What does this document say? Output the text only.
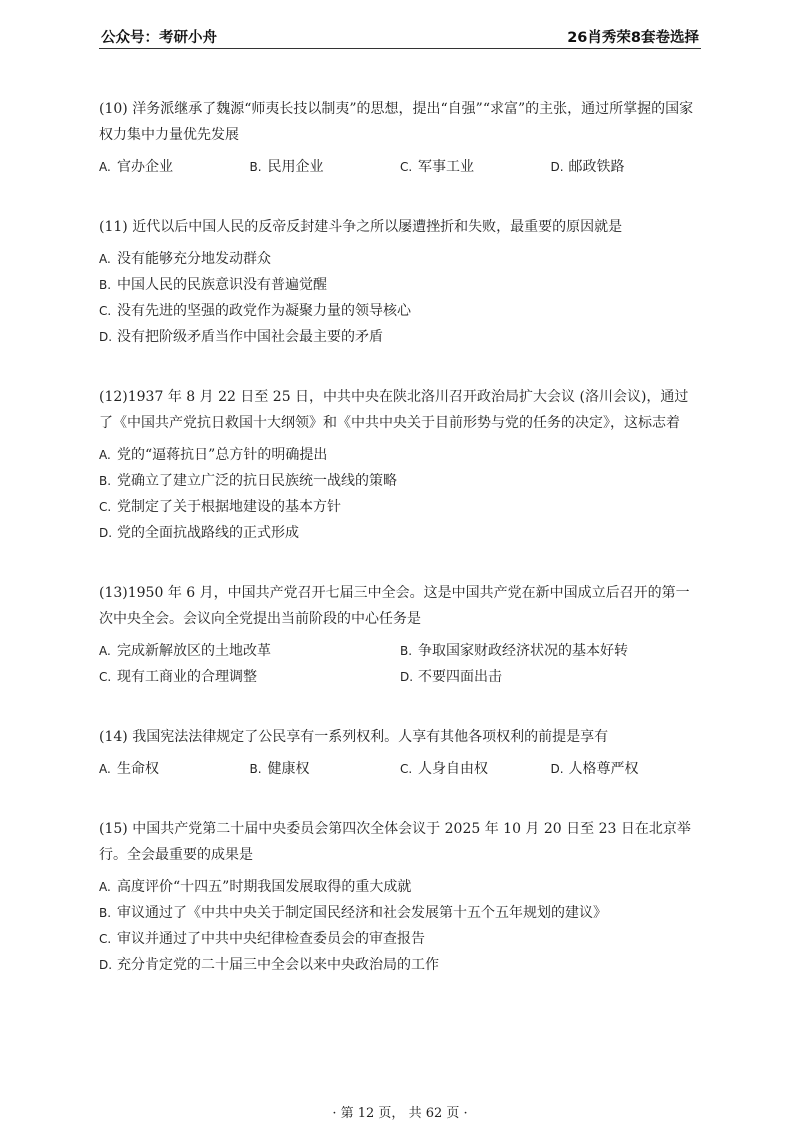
公众号：考研小舟	26肖秀荣8套卷选择

(10) 洋务派继承了魏源“师夷长技以制夷”的思想，提出“自强”“求富”的主张，通过所掌握的国家权力集中力量优先发展

A. 官办企业	B. 民用企业	C. 军事工业	D. 邮政铁路

(11) 近代以后中国人民的反帝反封建斗争之所以屡遭挫折和失败，最重要的原因就是

A. 没有能够充分地发动群众
B. 中国人民的民族意识没有普遍觉醒
C. 没有先进的坚强的政党作为凝聚力量的领导核心
D. 没有把阶级矛盾当作中国社会最主要的矛盾

(12)1937 年 8 月 22 日至 25 日，中共中央在陕北洛川召开政治局扩大会议 (洛川会议)，通过了《中国共产党抗日救国十大纲领》和《中共中央关于目前形势与党的任务的决定》，这标志着

A. 党的“逼蒋抗日”总方针的明确提出
B. 党确立了建立广泛的抗日民族统一战线的策略
C. 党制定了关于根据地建设的基本方针
D. 党的全面抗战路线的正式形成

(13)1950 年 6 月，中国共产党召开七届三中全会。这是中国共产党在新中国成立后召开的第一次中央全会。会议向全党提出当前阶段的中心任务是

A. 完成新解放区的土地改革	B. 争取国家财政经济状况的基本好转
C. 现有工商业的合理调整	D. 不要四面出击

(14) 我国宪法法律规定了公民享有一系列权利。人享有其他各项权利的前提是享有

A. 生命权	B. 健康权	C. 人身自由权	D. 人格尊严权

(15) 中国共产党第二十届中央委员会第四次全体会议于 2025 年 10 月 20 日至 23 日在北京举行。全会最重要的成果是

A. 高度评价“十四五”时期我国发展取得的重大成就
B. 审议通过了《中共中央关于制定国民经济和社会发展第十五个五年规划的建议》
C. 审议并通过了中共中央纪律检查委员会的审查报告
D. 充分肯定党的二十届三中全会以来中央政治局的工作
· 第 12 页， 共 62 页 ·
